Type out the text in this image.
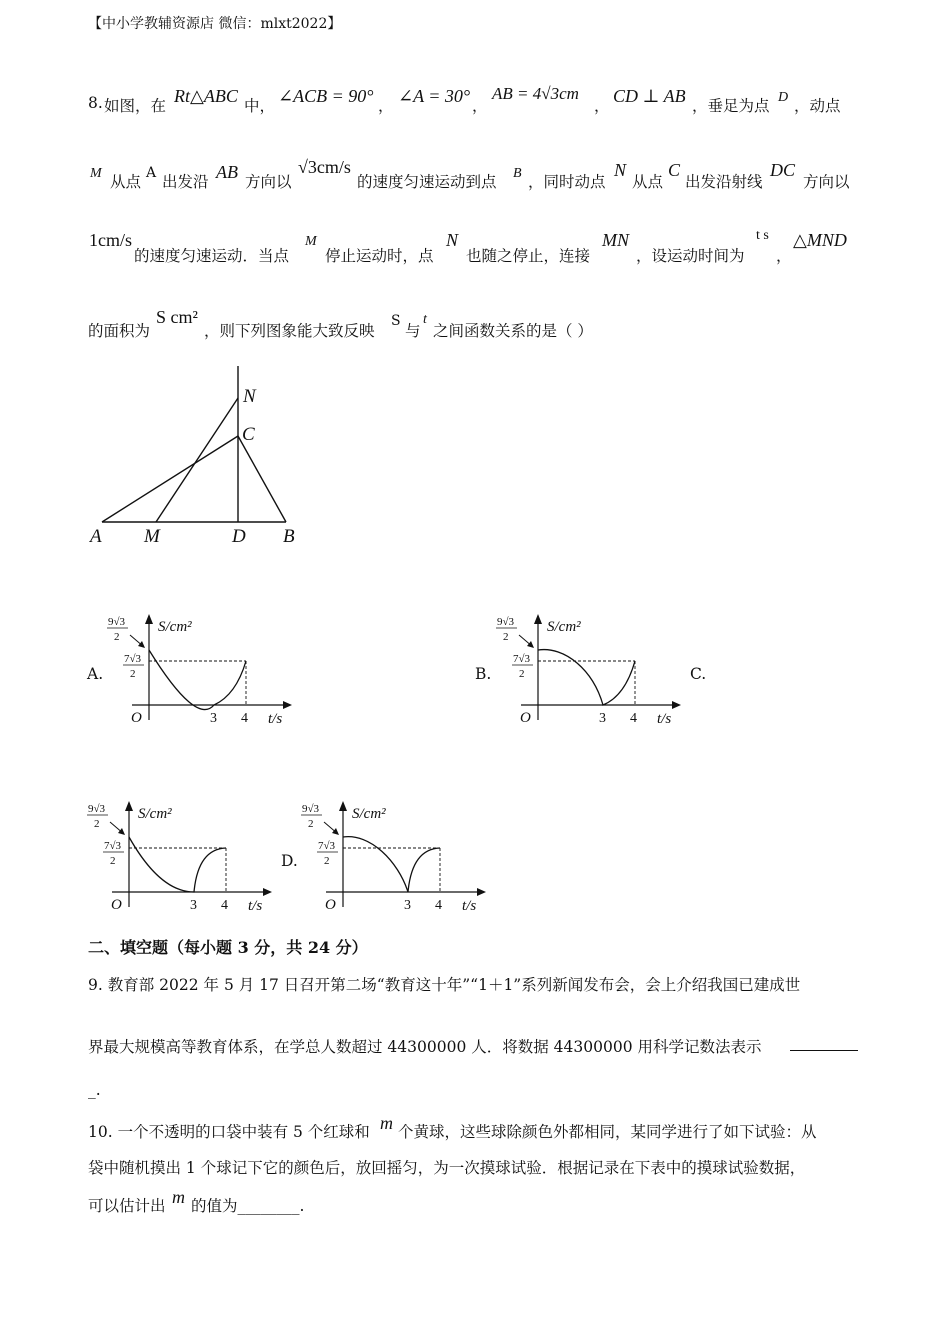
【中小学教辅资源店 微信：mlxt2022】
8. 如图，在 Rt△ABC 中， ∠ACB = 90° ， ∠A = 30° ，
AB = 4√3cm
， CD ⊥ AB ，垂足为点 D ，动点
M 从点 A 出发沿 AB 方向以
√3cm/s
的速度匀速运动到点 B ，同时动点
N
从点
C
出发沿射线
DC
方向以
1cm/s
的速度匀速运动．当点
M
停止运动时，点
N
也随之停止，连接
MN
，设运动时间为
t s
，
△MND
的面积为
S cm²
，则下列图象能大致反映
S
与
t
之间函数关系的是（ ）
A M	D B
N
C
A.	B.	C.
D.
S/cm²
t/s
O	3 4
9√3
2
7√3
2
S/cm²
t/s
O	3 4
9√3
2
7√3
2
S/cm²
t/s
O	3 4
9√3
2
7√3
2
S/cm²
t/s
O	3 4
9√3
2
7√3
2
二、填空题（每小题 3 分，共 24 分）
9. 教育部 2022 年 5 月 17 日召开第二场“教育这十年”“1＋1”系列新闻发布会，会上介绍我国已建成世
界最大规模高等教育体系，在学总人数超过 44300000 人．将数据 44300000 用科学记数法表示
_.
10. 一个不透明的口袋中装有 5 个红球和 m 个黄球，这些球除颜色外都相同，某同学进行了如下试验：从
袋中随机摸出 1 个球记下它的颜色后，放回摇匀，为一次摸球试验．根据记录在下表中的摸球试验数据，
可以估计出 m 的值为________.
